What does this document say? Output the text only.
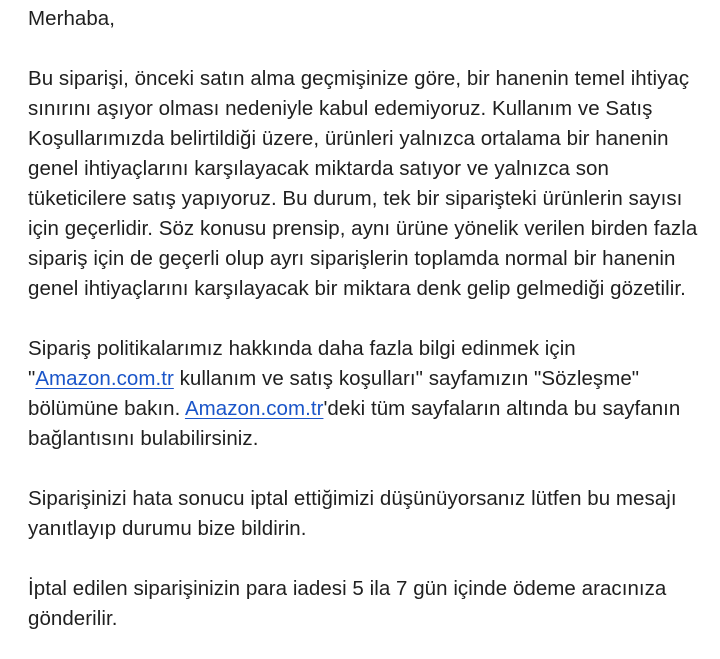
Merhaba,

Bu siparişi, önceki satın alma geçmişinize göre, bir hanenin temel ihtiyaç
sınırını aşıyor olması nedeniyle kabul edemiyoruz. Kullanım ve Satış
Koşullarımızda belirtildiği üzere, ürünleri yalnızca ortalama bir hanenin
genel ihtiyaçlarını karşılayacak miktarda satıyor ve yalnızca son
tüketicilere satış yapıyoruz. Bu durum, tek bir siparişteki ürünlerin sayısı
için geçerlidir. Söz konusu prensip, aynı ürüne yönelik verilen birden fazla
sipariş için de geçerli olup ayrı siparişlerin toplamda normal bir hanenin
genel ihtiyaçlarını karşılayacak bir miktara denk gelip gelmediği gözetilir.

Sipariş politikalarımız hakkında daha fazla bilgi edinmek için
"Amazon.com.tr kullanım ve satış koşulları" sayfamızın "Sözleşme"
bölümüne bakın. Amazon.com.tr'deki tüm sayfaların altında bu sayfanın
bağlantısını bulabilirsiniz.

Siparişinizi hata sonucu iptal ettiğimizi düşünüyorsanız lütfen bu mesajı
yanıtlayıp durumu bize bildirin.

İptal edilen siparişinizin para iadesi 5 ila 7 gün içinde ödeme aracınıza
gönderilir.
